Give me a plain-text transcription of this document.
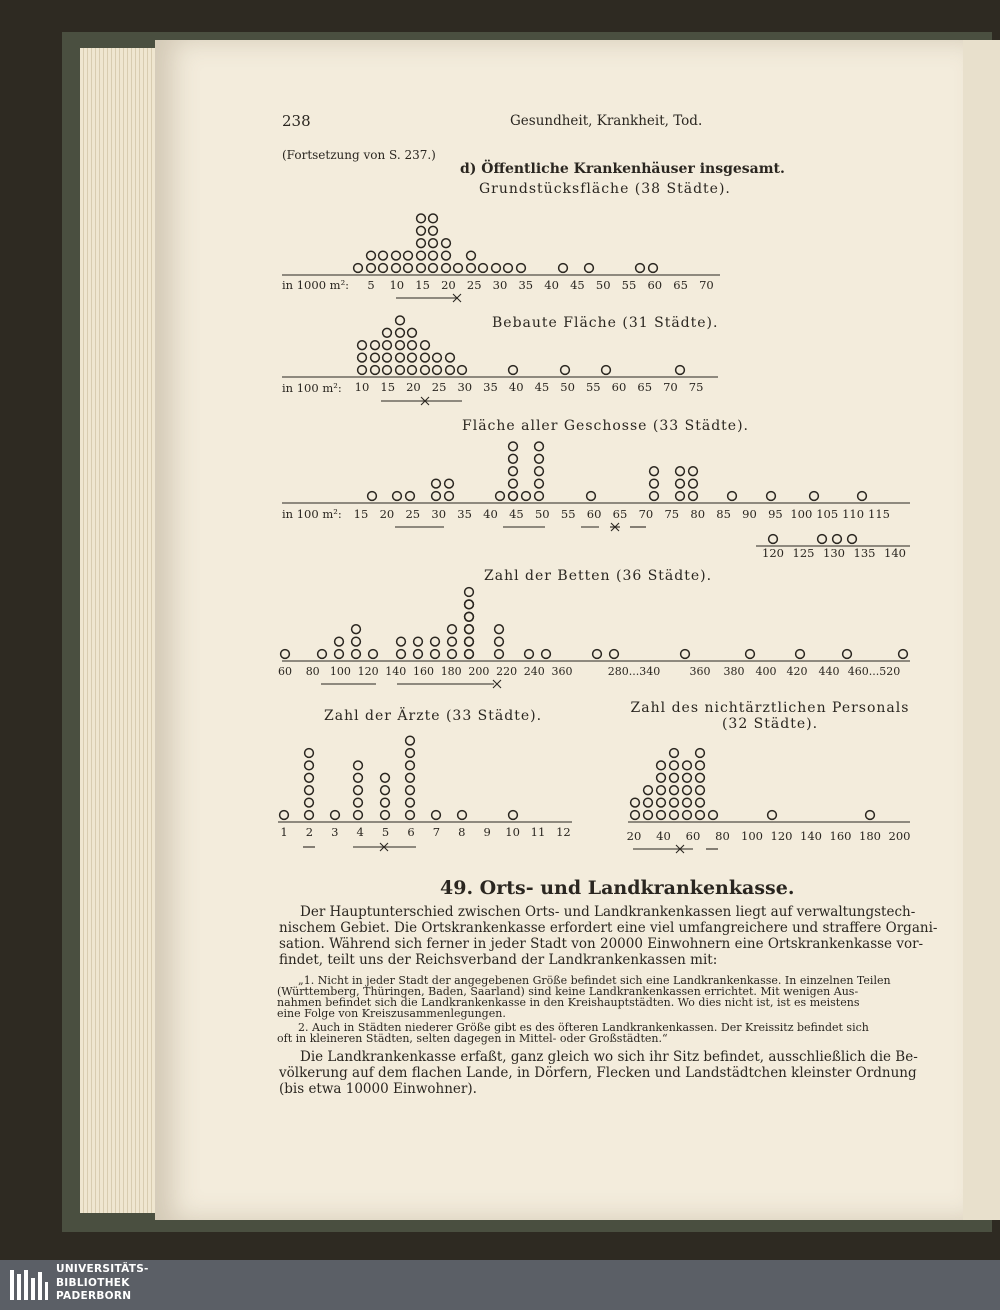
238	Gesundheit, Krankheit, Tod.
(Fortsetzung von S. 237.)
d) Öffentliche Krankenhäuser insgesamt.
Grundstücksfläche (38 Städte).
Bebaute Fläche (31 Städte).
Fläche aller Geschosse (33 Städte).
Zahl der Betten (36 Städte).
Zahl der Ärzte (33 Städte).	Zahl des nichtärztlichen Personals (32 Städte).
in 1000 m²:
in 100 m²:
in 100 m²:
5 10 15 20 25 30 35 40 45 50 55 60 65 70
10 15 20 25 30 35 40 45 50 55 60 65 70 75
15 20 25 30 35 40 45 50 55 60 65 70 75 80 85 90 95 100 105 110 115
120 125 130 135 140
60 80 100 120 140 160 180 200 220 240 360	280...340	360 380 400 420 440 460...520
1 2 3 4 5 6 7 8 9 10 11 12	20 40 60 80 100 120 140 160 180 200
49. Orts- und Landkrankenkasse.
Der Hauptunterschied zwischen Orts- und Landkrankenkassen liegt auf verwaltungstech-
nischem Gebiet. Die Ortskrankenkasse erfordert eine viel umfangreichere und straffere Organi-
sation. Während sich ferner in jeder Stadt von 20000 Einwohnern eine Ortskrankenkasse vor-
findet, teilt uns der Reichsverband der Landkrankenkassen mit:
„1. Nicht in jeder Stadt der angegebenen Größe befindet sich eine Landkrankenkasse. In einzelnen Teilen
(Württemberg, Thüringen, Baden, Saarland) sind keine Landkrankenkassen errichtet. Mit wenigen Aus-
nahmen befindet sich die Landkrankenkasse in den Kreishauptstädten. Wo dies nicht ist, ist es meistens
eine Folge von Kreiszusammenlegungen.
2. Auch in Städten niederer Größe gibt es des öfteren Landkrankenkassen. Der Kreissitz befindet sich
oft in kleineren Städten, selten dagegen in Mittel- oder Großstädten.“
Die Landkrankenkasse erfaßt, ganz gleich wo sich ihr Sitz befindet, ausschließlich die Be-
völkerung auf dem flachen Lande, in Dörfern, Flecken und Landstädtchen kleinster Ordnung
(bis etwa 10000 Einwohner).
UNIVERSITÄTS-
BIBLIOTHEK
PADERBORN
